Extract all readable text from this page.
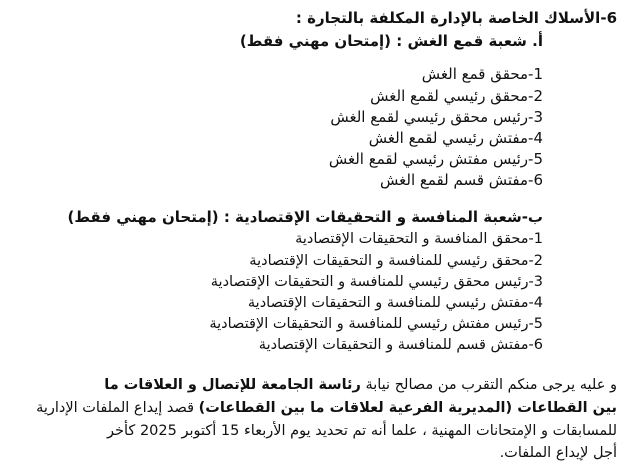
6-الأسلاك الخاصة بالإدارة المكلفة بالتجارة :
أ. شعبة قمع الغش : (إمتحان مهني فقط)
1-محقق قمع الغش
2-محقق رئيسي لقمع الغش
3-رئيس محقق رئيسي لقمع الغش
4-مفتش رئيسي لقمع الغش
5-رئيس مفتش رئيسي لقمع الغش
6-مفتش قسم لقمع الغش
ب-شعبة المنافسة و التحقيقات الإقتصادية : (إمتحان مهني فقط)
1-محقق المنافسة و التحقيقات الإقتصادية
2-محقق رئيسي للمنافسة و التحقيقات الإقتصادية
3-رئيس محقق رئيسي للمنافسة و التحقيقات الإقتصادية
4-مفتش رئيسي للمنافسة و التحقيقات الإقتصادية
5-رئيس مفتش رئيسي للمنافسة و التحقيقات الإقتصادية
6-مفتش قسم للمنافسة و التحقيقات الإقتصادية
و عليه يرجى منكم التقرب من مصالح نيابة رئاسة الجامعة للإتصال و العلاقات ما
بين القطاعات (المديرية الفرعية لعلاقات ما بين القطاعات) قصد إيداع الملفات الإدارية
للمسابقات و الإمتحانات المهنية ، علما أنه تم تحديد يوم الأربعاء 15 أكتوبر 2025 كأخر
أجل لإيداع الملفات.
